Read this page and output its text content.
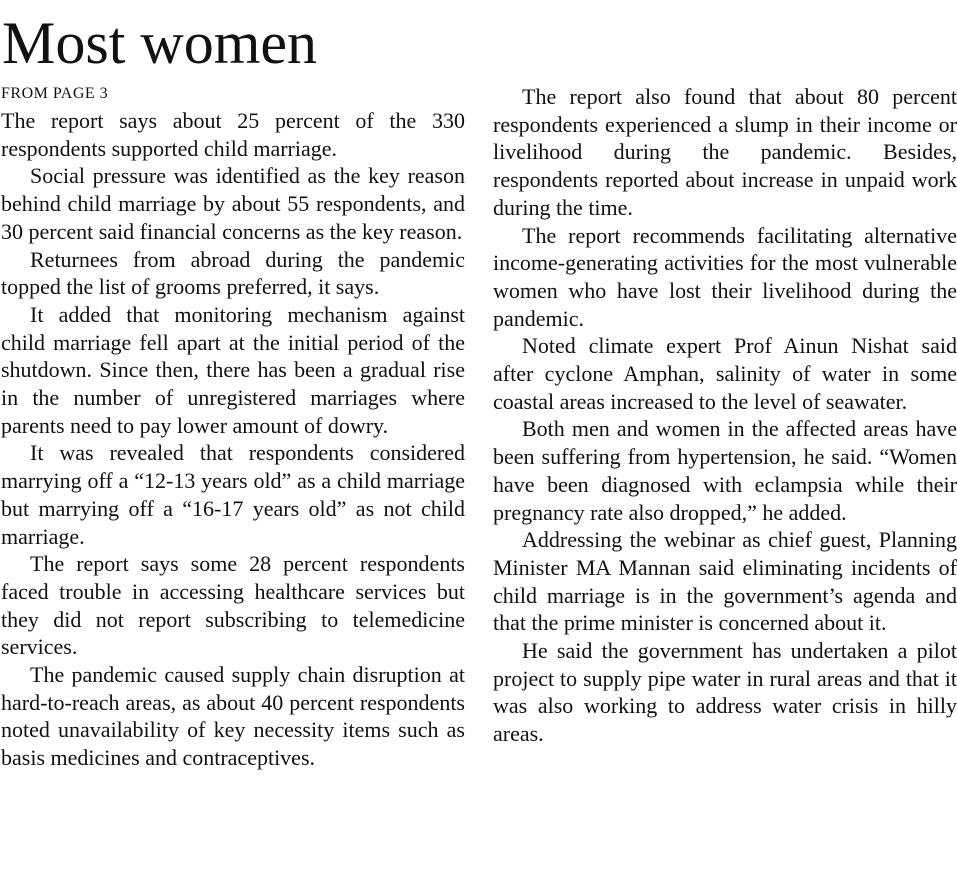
Most women
FROM PAGE 3

The report says about 25 percent of the 330 respondents supported child marriage.

Social pressure was identified as the key reason behind child marriage by about 55 respondents, and 30 percent said financial concerns as the key reason.

Returnees from abroad during the pandemic topped the list of grooms preferred, it says.

It added that monitoring mechanism against child marriage fell apart at the initial period of the shutdown. Since then, there has been a gradual rise in the number of unregistered marriages where parents need to pay lower amount of dowry.

It was revealed that respondents considered marrying off a “12-13 years old” as a child marriage but marrying off a “16-17 years old” as not child marriage.

The report says some 28 percent respondents faced trouble in accessing healthcare services but they did not report subscribing to telemedicine services.

The pandemic caused supply chain disruption at hard-to-reach areas, as about 40 percent respondents noted unavailability of key necessity items such as basis medicines and contraceptives.

The report also found that about 80 percent respondents experienced a slump in their income or livelihood during the pandemic. Besides, respondents reported about increase in unpaid work during the time.

The report recommends facilitating alternative income-generating activities for the most vulnerable women who have lost their livelihood during the pandemic.

Noted climate expert Prof Ainun Nishat said after cyclone Amphan, salinity of water in some coastal areas increased to the level of seawater.

Both men and women in the affected areas have been suffering from hypertension, he said. “Women have been diagnosed with eclampsia while their pregnancy rate also dropped,” he added.

Addressing the webinar as chief guest, Planning Minister MA Mannan said eliminating incidents of child marriage is in the government’s agenda and that the prime minister is concerned about it.

He said the government has undertaken a pilot project to supply pipe water in rural areas and that it was also working to address water crisis in hilly areas.
